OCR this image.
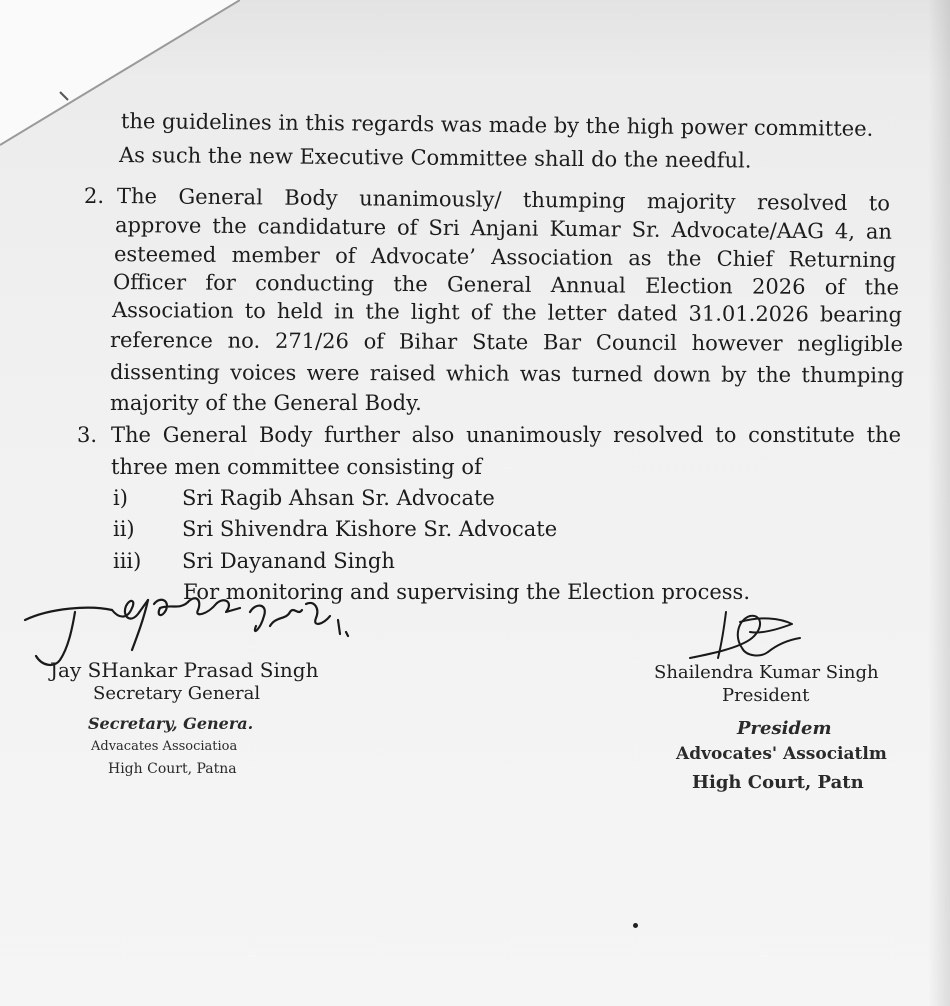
the guidelines in this regards was made by the high power committee.
As such the new Executive Committee shall do the needful.
2. The General Body unanimously/ thumping majority resolved to
approve the candidature of Sri Anjani Kumar Sr. Advocate/AAG 4, an
esteemed member of Advocate’ Association as the Chief Returning
Officer for conducting the General Annual Election 2026 of the
Association to held in the light of the letter dated 31.01.2026 bearing
reference no. 271/26 of Bihar State Bar Council however negligible
dissenting voices were raised which was turned down by the thumping
majority of the General Body.
3. The General Body further also unanimously resolved to constitute the
three men committee consisting of
i)	Sri Ragib Ahsan Sr. Advocate
ii) Sri Shivendra Kishore Sr. Advocate
iii) Sri Dayanand Singh
For monitoring and supervising the Election process.
Jay SHankar Prasad Singh
Secretary General
Secretary, Genera.
Advacates Associatioa
High Court, Patna
Shailendra Kumar Singh
President
Presidem
Advocates' Associatlm
High Court, Patn
